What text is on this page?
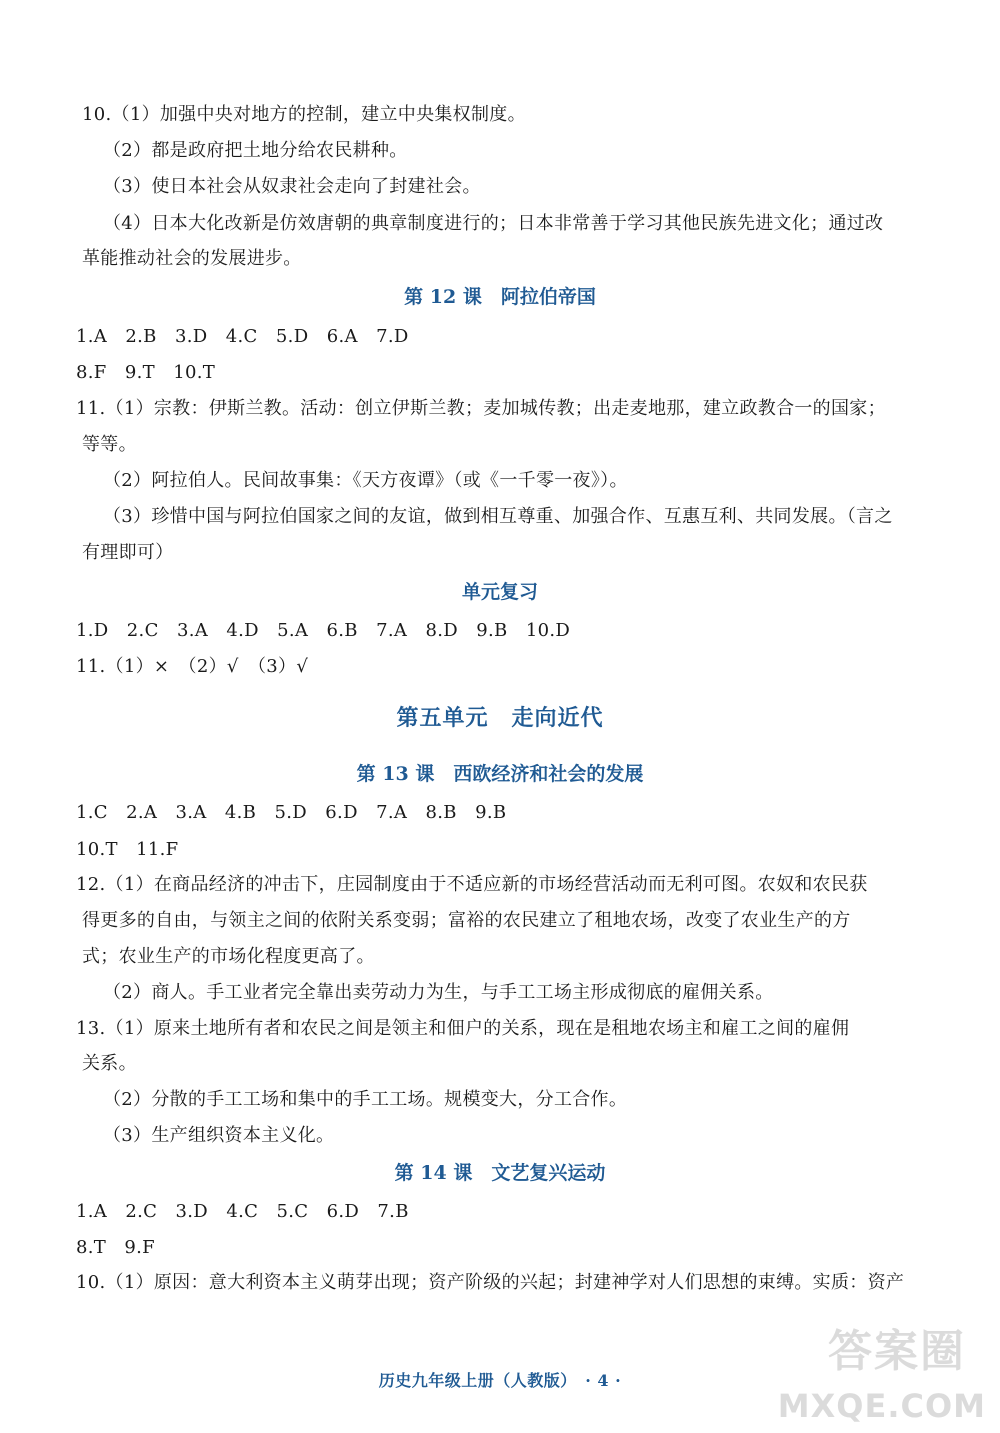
10.（1）加强中央对地方的控制，建立中央集权制度。
（2）都是政府把土地分给农民耕种。
（3）使日本社会从奴隶社会走向了封建社会。
（4）日本大化改新是仿效唐朝的典章制度进行的；日本非常善于学习其他民族先进文化；通过改
革能推动社会的发展进步。
第 12 课　阿拉伯帝国
1.A　2.B　3.D　4.C　5.D　6.A　7.D
8.F　9.T　10.T
11.（1）宗教：伊斯兰教。活动：创立伊斯兰教；麦加城传教；出走麦地那，建立政教合一的国家；
等等。
（2）阿拉伯人。民间故事集：《天方夜谭》（或《一千零一夜》）。
（3）珍惜中国与阿拉伯国家之间的友谊，做到相互尊重、加强合作、互惠互利、共同发展。（言之
有理即可）
单元复习
1.D　2.C　3.A　4.D　5.A　6.B　7.A　8.D　9.B　10.D
11.（1）×　（2）√　（3）√
第五单元　走向近代
第 13 课　西欧经济和社会的发展
1.C　2.A　3.A　4.B　5.D　6.D　7.A　8.B　9.B
10.T　11.F
12.（1）在商品经济的冲击下，庄园制度由于不适应新的市场经营活动而无利可图。农奴和农民获
得更多的自由，与领主之间的依附关系变弱；富裕的农民建立了租地农场，改变了农业生产的方
式；农业生产的市场化程度更高了。
（2）商人。手工业者完全靠出卖劳动力为生，与手工工场主形成彻底的雇佣关系。
13.（1）原来土地所有者和农民之间是领主和佃户的关系，现在是租地农场主和雇工之间的雇佣
关系。
（2）分散的手工工场和集中的手工工场。规模变大，分工合作。
（3）生产组织资本主义化。
第 14 课　文艺复兴运动
1.A　2.C　3.D　4.C　5.C　6.D　7.B
8.T　9.F
10.（1）原因：意大利资本主义萌芽出现；资产阶级的兴起；封建神学对人们思想的束缚。实质：资产
历史九年级上册（人教版）　· 4 ·
答案圈
MXQE.COM
